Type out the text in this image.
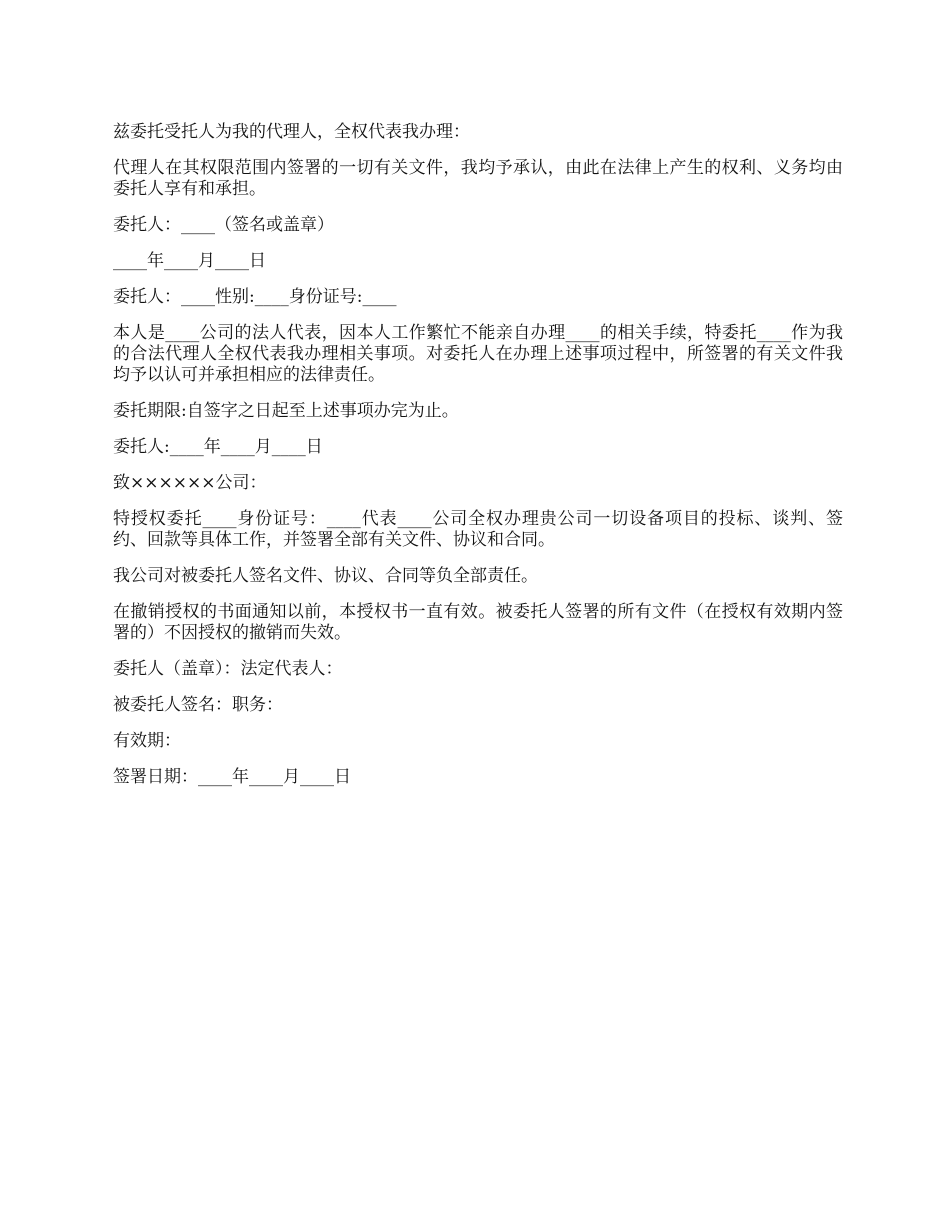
兹委托受托人为我的代理人，全权代表我办理：

代理人在其权限范围内签署的一切有关文件，我均予承认，由此在法律上产生的权利、义务均由委托人享有和承担。

委托人：____（签名或盖章）

____年____月____日

委托人：____性别:____身份证号:____

本人是____公司的法人代表，因本人工作繁忙不能亲自办理____的相关手续，特委托____作为我的合法代理人全权代表我办理相关事项。对委托人在办理上述事项过程中，所签署的有关文件我均予以认可并承担相应的法律责任。

委托期限:自签字之日起至上述事项办完为止。

委托人:____年____月____日

致××××××公司：

特授权委托____身份证号：____代表____公司全权办理贵公司一切设备项目的投标、谈判、签约、回款等具体工作，并签署全部有关文件、协议和合同。

我公司对被委托人签名文件、协议、合同等负全部责任。

在撤销授权的书面通知以前，本授权书一直有效。被委托人签署的所有文件（在授权有效期内签署的）不因授权的撤销而失效。

委托人（盖章）：法定代表人：

被委托人签名：职务：

有效期：

签署日期：____年____月____日
